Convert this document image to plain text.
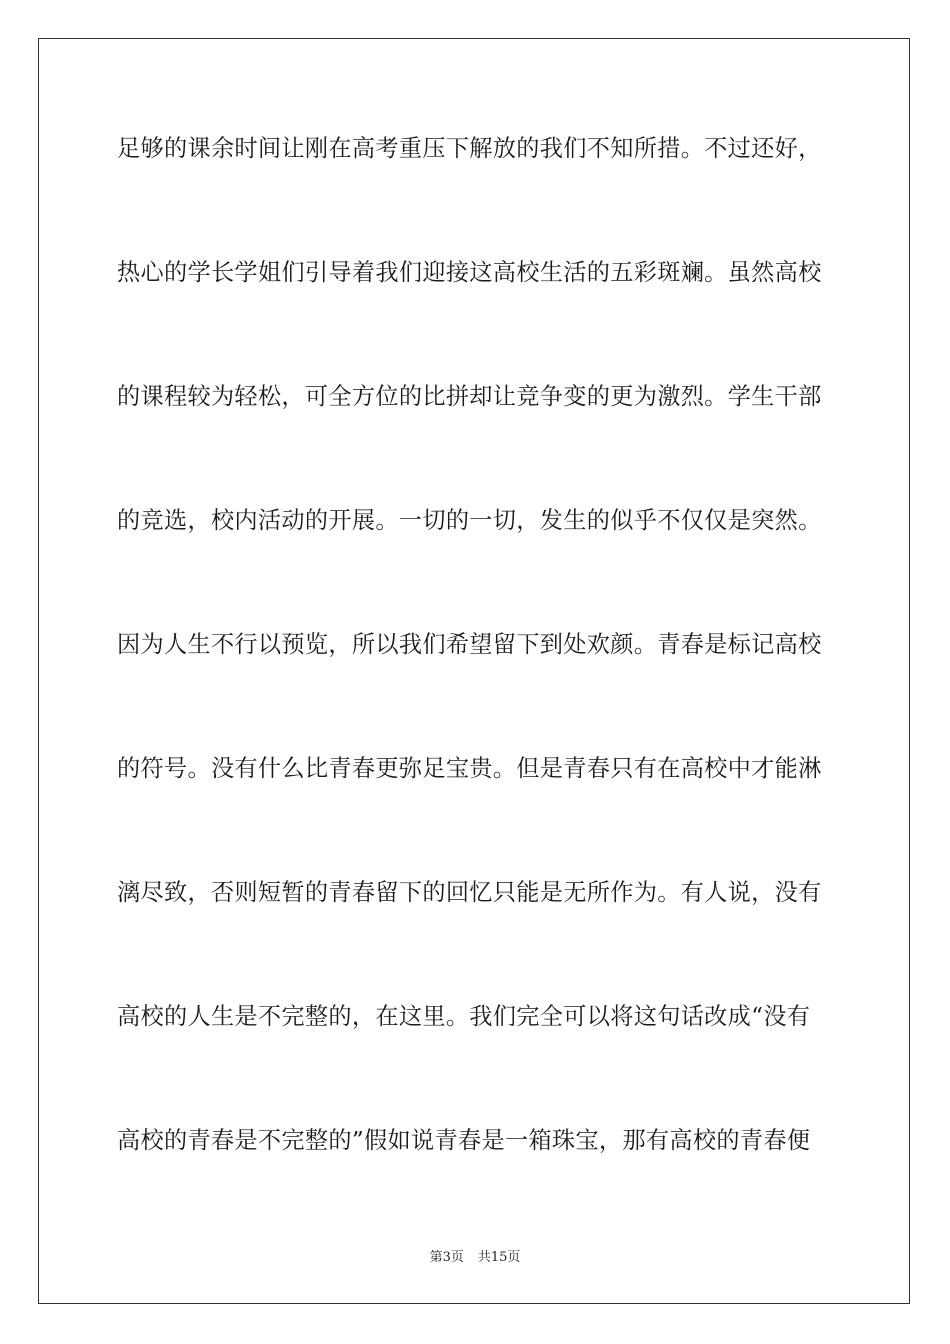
足够的课余时间让刚在高考重压下解放的我们不知所措。不过还好，
热心的学长学姐们引导着我们迎接这高校生活的五彩斑斓。虽然高校
的课程较为轻松，可全方位的比拼却让竞争变的更为激烈。学生干部
的竞选，校内活动的开展。一切的一切，发生的似乎不仅仅是突然。
因为人生不行以预览，所以我们希望留下到处欢颜。青春是标记高校
的符号。没有什么比青春更弥足宝贵。但是青春只有在高校中才能淋
漓尽致，否则短暂的青春留下的回忆只能是无所作为。有人说，没有
高校的人生是不完整的，在这里。我们完全可以将这句话改成“没有
高校的青春是不完整的”假如说青春是一箱珠宝，那有高校的青春便
第3页 共15页
